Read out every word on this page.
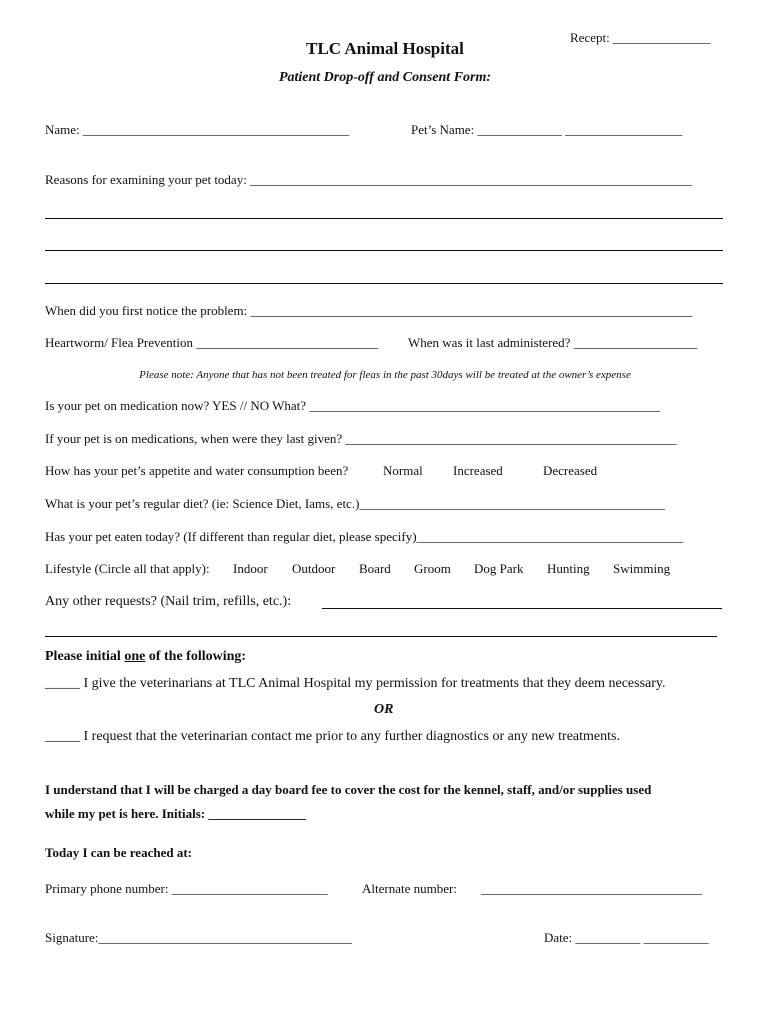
Recept: _______________
TLC Animal Hospital
Patient Drop-off and Consent Form:
Name: _________________________________________	Pet’s Name: _____________ __________________
Reasons for examining your pet today: ____________________________________________________________________
When did you first notice the problem: ____________________________________________________________________
Heartworm/ Flea Prevention ____________________________ When was it last administered? ___________________
Please note: Anyone that has not been treated for fleas in the past 30days will be treated at the owner’s expense
Is your pet on medication now? YES // NO What? ______________________________________________________
If your pet is on medications, when were they last given? ___________________________________________________
How has your pet’s appetite and water consumption been?	Normal Increased	Decreased
What is your pet’s regular diet? (ie: Science Diet, Iams, etc.)_______________________________________________
Has your pet eaten today? (If different than regular diet, please specify)_________________________________________
Lifestyle (Circle all that apply): Indoor Outdoor Board Groom Dog Park Hunting Swimming
Any other requests? (Nail trim, refills, etc.):
Please initial one of the following:
_____ I give the veterinarians at TLC Animal Hospital my permission for treatments that they deem necessary.
OR
_____ I request that the veterinarian contact me prior to any further diagnostics or any new treatments.
I understand that I will be charged a day board fee to cover the cost for the kennel, staff, and/or supplies used
while my pet is here. Initials: _______________
Today I can be reached at:
Primary phone number: ________________________	Alternate number: __________________________________
Signature:_______________________________________	Date: __________ __________
